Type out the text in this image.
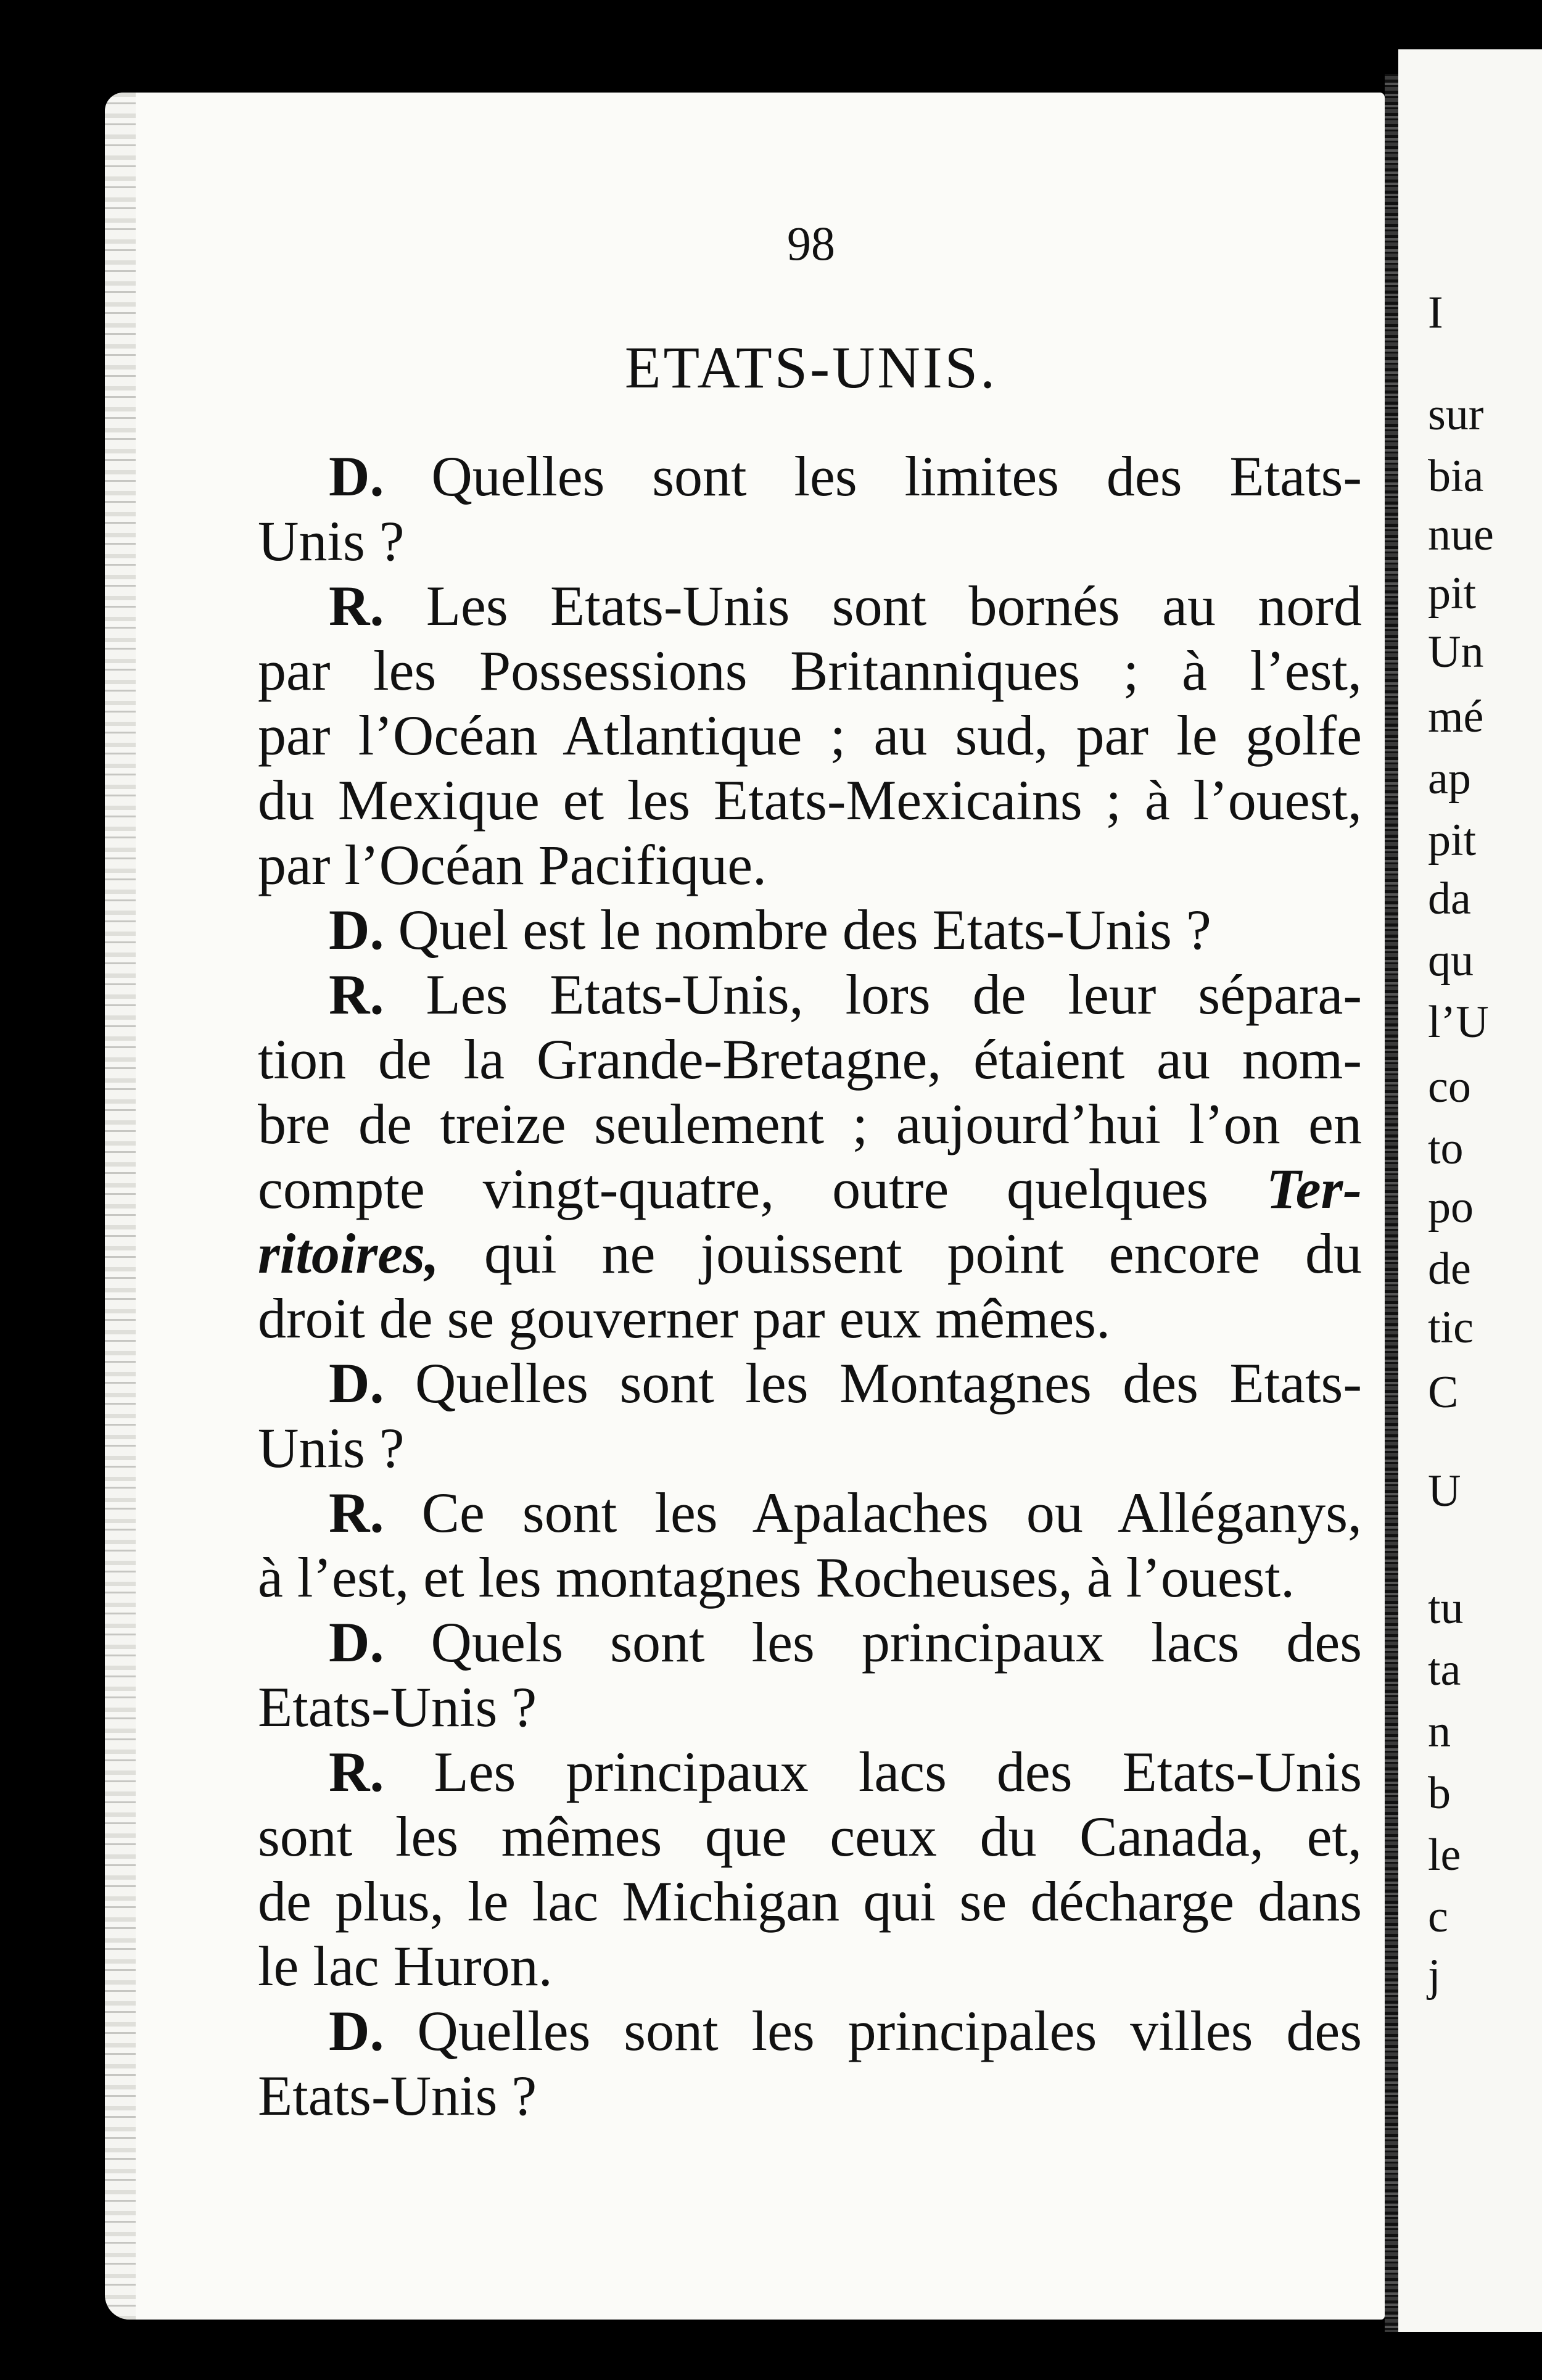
I
sur
bia
nue
pit
Un
mé
ap
pit
da
qu
l’U
co
to
po
de
tic
C
U
tu
ta
n
b
le
c
j
98
ETATS-UNIS.
D. Quelles sont les limites des Etats-
Unis ?
R. Les Etats-Unis sont bornés au nord
par les Possessions Britanniques ; à l’est,
par l’Océan Atlantique ; au sud, par le golfe
du Mexique et les Etats-Mexicains ; à l’ouest,
par l’Océan Pacifique.
D. Quel est le nombre des Etats-Unis ?
R. Les Etats-Unis, lors de leur sépara-
tion de la Grande-Bretagne, étaient au nom-
bre de treize seulement ; aujourd’hui l’on en
compte vingt-quatre, outre quelques Ter-
ritoires, qui ne jouissent point encore du
droit de se gouverner par eux mêmes.
D. Quelles sont les Montagnes des Etats-
Unis ?
R. Ce sont les Apalaches ou Alléganys,
à l’est, et les montagnes Rocheuses, à l’ouest.
D. Quels sont les principaux lacs des
Etats-Unis ?
R. Les principaux lacs des Etats-Unis
sont les mêmes que ceux du Canada, et,
de plus, le lac Michigan qui se décharge dans
le lac Huron.
D. Quelles sont les principales villes des
Etats-Unis ?
